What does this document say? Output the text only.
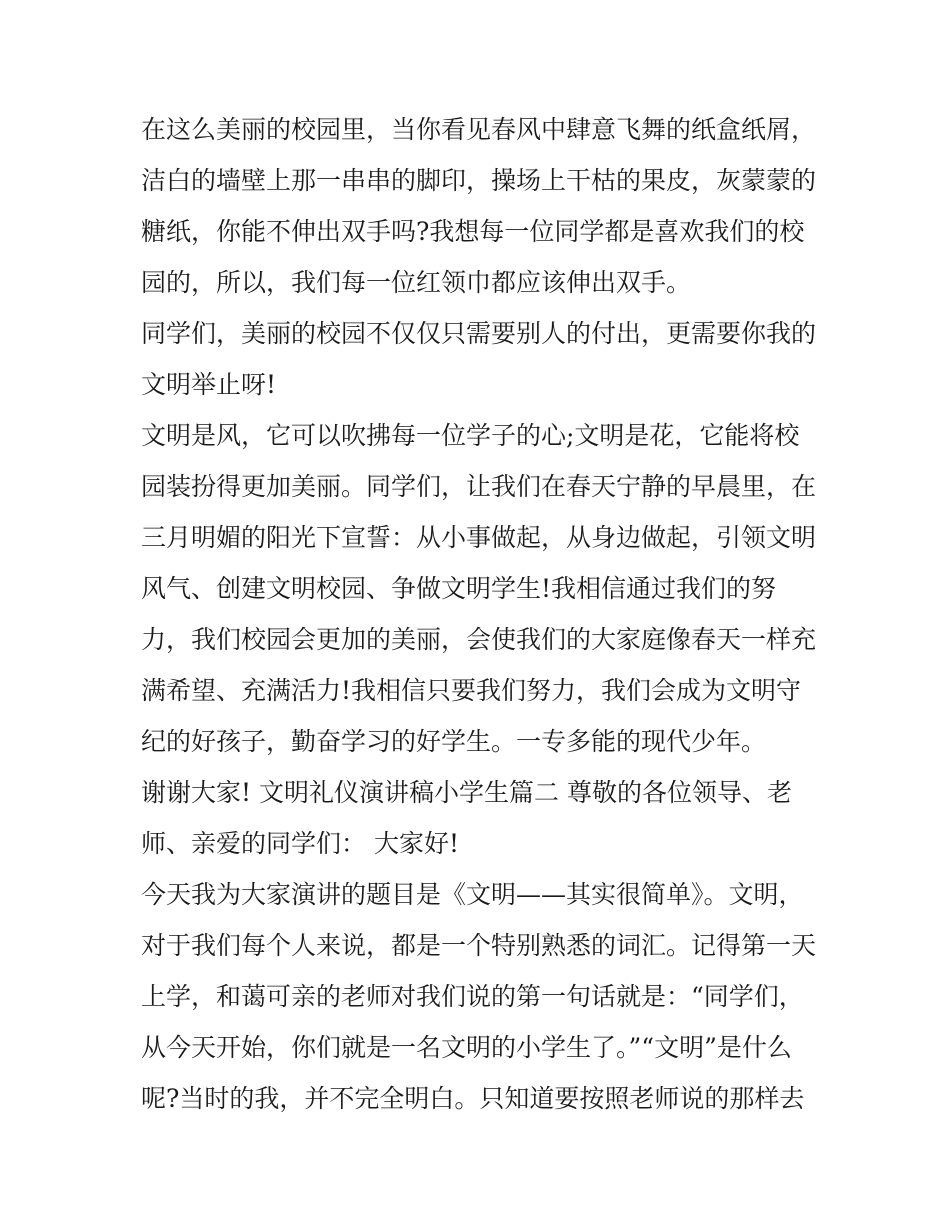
在这么美丽的校园里，当你看见春风中肆意飞舞的纸盒纸屑，
洁白的墙壁上那一串串的脚印，操场上干枯的果皮，灰蒙蒙的
糖纸，你能不伸出双手吗?我想每一位同学都是喜欢我们的校
园的，所以，我们每一位红领巾都应该伸出双手。
同学们，美丽的校园不仅仅只需要别人的付出，更需要你我的
文明举止呀!
文明是风，它可以吹拂每一位学子的心;文明是花，它能将校
园装扮得更加美丽。同学们，让我们在春天宁静的早晨里，在
三月明媚的阳光下宣誓：从小事做起，从身边做起，引领文明
风气、创建文明校园、争做文明学生!我相信通过我们的努
力，我们校园会更加的美丽，会使我们的大家庭像春天一样充
满希望、充满活力!我相信只要我们努力，我们会成为文明守
纪的好孩子，勤奋学习的好学生。一专多能的现代少年。
谢谢大家! 文明礼仪演讲稿小学生篇二 尊敬的各位领导、老
师、亲爱的同学们： 大家好!
今天我为大家演讲的题目是《文明——其实很简单》。文明，
对于我们每个人来说，都是一个特别熟悉的词汇。记得第一天
上学，和蔼可亲的老师对我们说的第一句话就是：“同学们，
从今天开始，你们就是一名文明的小学生了。”“文明”是什么
呢?当时的我，并不完全明白。只知道要按照老师说的那样去
